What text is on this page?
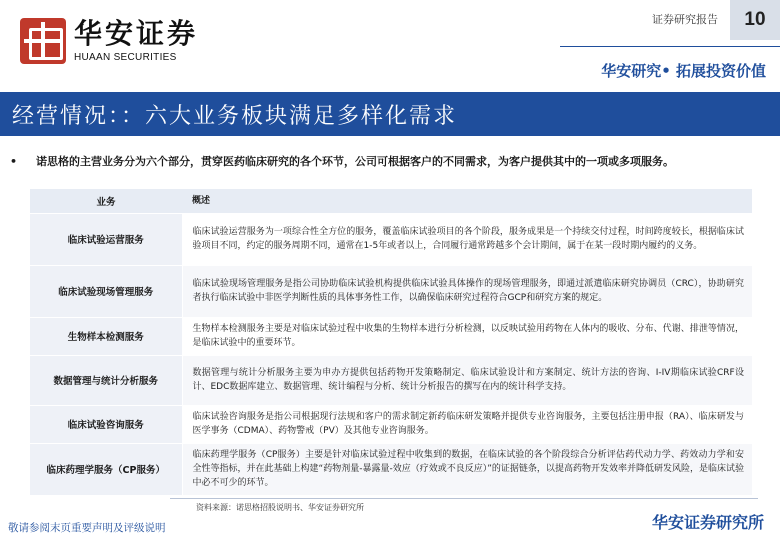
华安证券
HUAAN SECURITIES
证券研究报告	10
华安研究• 拓展投资价值
经营情况：：六大业务板块满足多样化需求
•	诺思格的主营业务分为六个部分，贯穿医药临床研究的各个环节，公司可根据客户的不同需求，为客户提供其中的一项或多项服务。
业务	概述
临床试验运营服务	临床试验运营服务为一项综合性全方位的服务，覆盖临床试验项目的各个阶段，服务成果是一个持续交付过程，时间跨度较长，根据临床试验项目不同，约定的服务周期不同，通常在1-5年或者以上，合同履行通常跨越多个会计期间，属于在某一段时期内履约的义务。
临床试验现场管理服务	临床试验现场管理服务是指公司协助临床试验机构提供临床试验具体操作的现场管理服务，即通过派遣临床研究协调员（CRC），协助研究者执行临床试验中非医学判断性质的具体事务性工作，以确保临床研究过程符合GCP和研究方案的规定。
生物样本检测服务	生物样本检测服务主要是对临床试验过程中收集的生物样本进行分析检测，以反映试验用药物在人体内的吸收、分布、代谢、排泄等情况，是临床试验中的重要环节。
数据管理与统计分析服务	数据管理与统计分析服务主要为申办方提供包括药物开发策略制定、临床试验设计和方案制定、统计方法的咨询、I-IV期临床试验CRF设计、EDC数据库建立、数据管理、统计编程与分析、统计分析报告的撰写在内的统计科学支持。
临床试验咨询服务	临床试验咨询服务是指公司根据现行法规和客户的需求制定新药临床研发策略并提供专业咨询服务，主要包括注册申报（RA）、临床研发与医学事务（CDMA）、药物警戒（PV）及其他专业咨询服务。
临床药理学服务（CP服务）	临床药理学服务（CP服务）主要是针对临床试验过程中收集到的数据，在临床试验的各个阶段综合分析评估药代动力学、药效动力学和安全性等指标，并在此基础上构建“药物剂量-暴露量-效应（疗效或不良反应）”的证据链条，以提高药物开发效率并降低研发风险，是临床试验中必不可少的环节。
资料来源：诺思格招股说明书、华安证券研究所
敬请参阅末页重要声明及评级说明	华安证券研究所
